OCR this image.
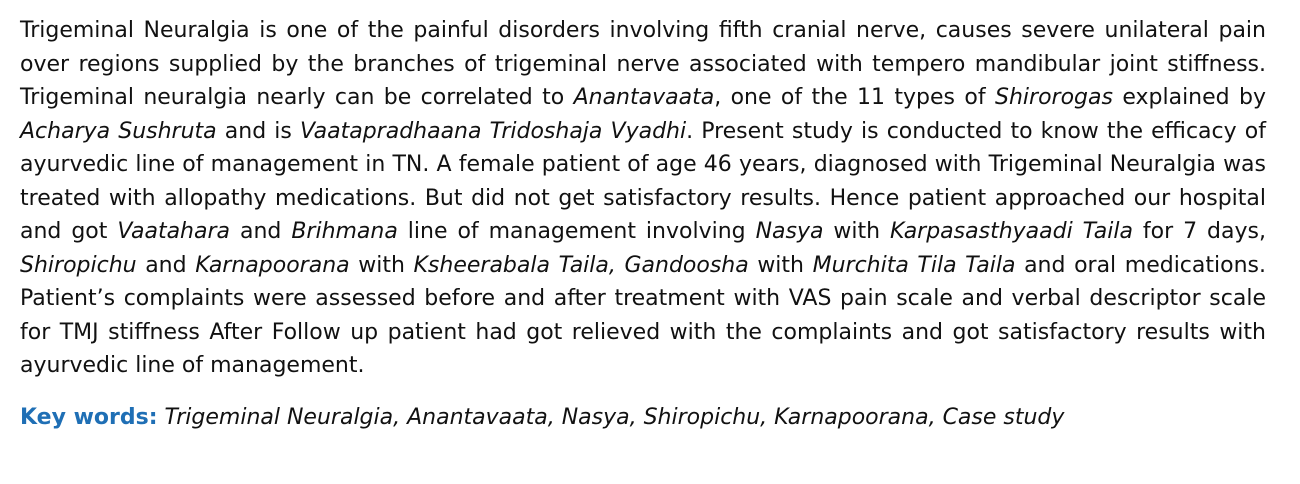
Trigeminal Neuralgia is one of the painful disorders involving fifth cranial nerve, causes severe unilateral pain over regions supplied by the branches of trigeminal nerve associated with tempero mandibular joint stiffness. Trigeminal neuralgia nearly can be correlated to Anantavaata, one of the 11 types of Shirorogas explained by Acharya Sushruta and is Vaatapradhaana Tridoshaja Vyadhi. Present study is conducted to know the efficacy of ayurvedic line of management in TN. A female patient of age 46 years, diagnosed with Trigeminal Neuralgia was treated with allopathy medications. But did not get satisfactory results. Hence patient approached our hospital and got Vaatahara and Brihmana line of management involving Nasya with Karpasasthyaadi Taila for 7 days, Shiropichu and Karnapoorana with Ksheerabala Taila, Gandoosha with Murchita Tila Taila and oral medications. Patient’s complaints were assessed before and after treatment with VAS pain scale and verbal descriptor scale for TMJ stiffness After Follow up patient had got relieved with the complaints and got satisfactory results with ayurvedic line of management.

Key words: Trigeminal Neuralgia, Anantavaata, Nasya, Shiropichu, Karnapoorana, Case study
